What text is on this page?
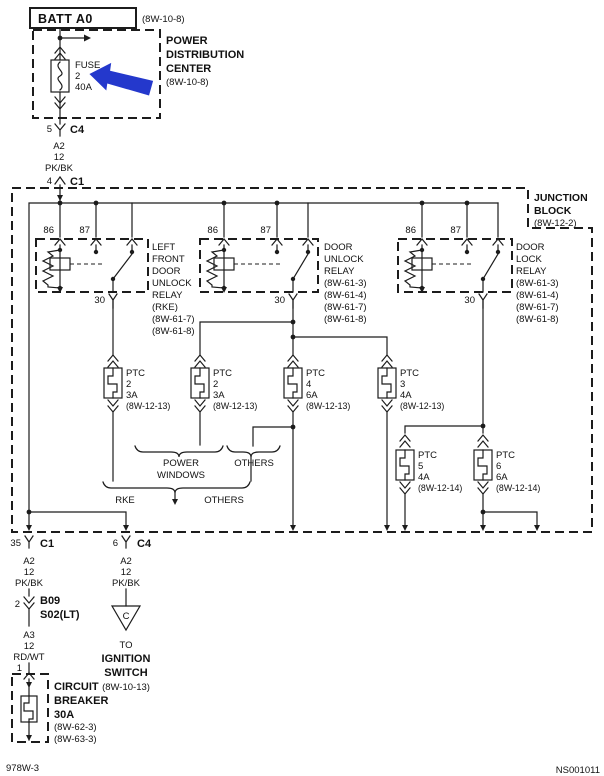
BATT A0	(8W-10-8)
POWER
DISTRIBUTION
CENTER
(8W-10-8)
FUSE
2
40A
5 C4
A2
12
PK/BK
4 C1
JUNCTION
BLOCK
(8W-12-2)
86	87
30
LEFT
FRONT
DOOR
UNLOCK
RELAY
(RKE)
(8W-61-7)
(8W-61-8)
86	87
30
DOOR
UNLOCK
RELAY
(8W-61-3)
(8W-61-4)
(8W-61-7)
(8W-61-8)
86	87
30
DOOR
LOCK
RELAY
(8W-61-3)
(8W-61-4)
(8W-61-7)
(8W-61-8)
PTC
2
3A
(8W-12-13)
PTC
2
3A
(8W-12-13)
PTC
4
6A
(8W-12-13)
PTC
3
4A
(8W-12-13)
PTC
5
4A
(8W-12-14)
PTC
6
6A
(8W-12-14)
POWER
WINDOWS
OTHERS
RKE	OTHERS
35 C1
A2
12
PK/BK
2 B09
S02(LT)
A3
12
RD/WT
1
CIRCUIT
BREAKER
30A
(8W-62-3)
(8W-63-3)
6 C4
A2
12
PK/BK
C
TO
IGNITION
SWITCH
(8W-10-13)
978W-3	NS001011
